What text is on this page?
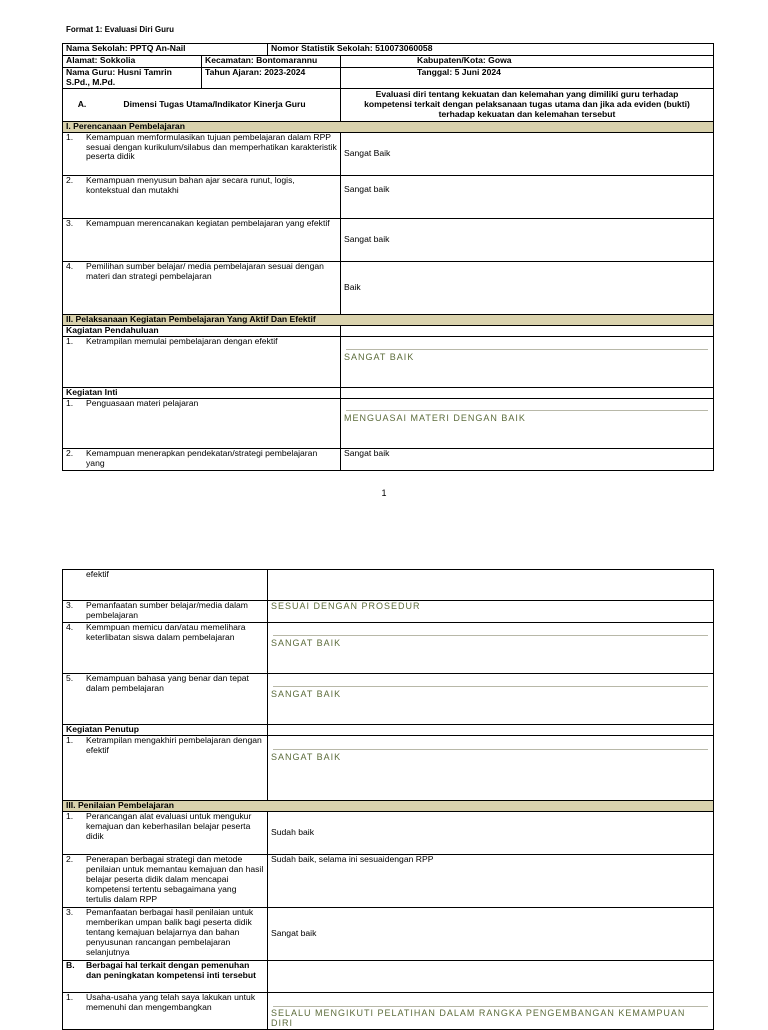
Format 1: Evaluasi Diri Guru
Nama Sekolah: PPTQ An-Nail		Nomor Statistik Sekolah: 510073060058	
Alamat: Sokkolia	Kecamatan: Bontomarannu		Kabupaten/Kota: Gowa
Nama Guru: Husni Tamrin S.Pd., M.Pd.	Tahun Ajaran: 2023-2024		Tanggal: 5 Juni 2024

A. Dimensi Tugas Utama/Indikator Kinerja Guru			Evaluasi diri tentang kekuatan dan kelemahan yang dimiliki guru terhadap kompetensi terkait dengan pelaksanaan tugas utama dan jika ada eviden (bukti) terhadap kekuatan dan kelemahan tersebut
I. Perencanaan Pembelajaran			

1. Kemampuan memformulasikan tujuan pembelajaran dalam RPP sesuai dengan kurikulum/silabus dan memperhatikan karakteristik peserta didik			Sangat Baik

2. Kemampuan menyusun bahan ajar secara runut, logis, kontekstual dan mutakhi			Sangat baik

3. Kemampuan merencanakan kegiatan pembelajaran yang efektif			Sangat baik

4. Pemilihan sumber belajar/ media pembelajaran sesuai dengan materi dan strategi pembelajaran			Baik
II. Pelaksanaan Kegiatan Pembelajaran Yang Aktif Dan Efektif			
Kagiatan Pendahuluan			

1. Ketrampilan memulai pembelajaran dengan efektif			SANGAT BAIK

Kegiatan Inti			

1. Penguasaan materi pelajaran			MENGUASAI MATERI DENGAN BAIK

2. Kemampuan menerapkan pendekatan/strategi pembelajaran yang			Sangat baik
1
efektif	

3. Pemanfaatan sumber belajar/media dalam pembelajaran	SESUAI DENGAN PROSEDUR

4. Kemmpuan memicu dan/atau memelihara keterlibatan siswa dalam pembelajaran	SANGAT BAIK

5. Kemampuan bahasa yang benar dan tepat dalam pembelajaran	SANGAT BAIK

Kegiatan Penutup	

1. Ketrampilan mengakhiri pembelajaran dengan efektif	SANGAT BAIK

III. Penilaian Pembelajaran	

1. Perancangan alat evaluasi untuk mengukur kemajuan dan keberhasilan belajar peserta didik	Sudah baik

2. Penerapan berbagai strategi dan metode penilaian untuk memantau kemajuan dan hasil belajar peserta didik dalam mencapai kompetensi tertentu sebagaimana yang tertulis dalam RPP	Sudah baik, selama ini sesuaidengan RPP

3. Pemanfaatan berbagai hasil penilaian untuk memberikan umpan balik bagi peserta didik tentang kemajuan belajarnya dan bahan penyusunan rancangan pembelajaran selanjutnya	Sangat baik

B. Berbagai hal terkait dengan pemenuhan dan peningkatan kompetensi inti tersebut	

1. Usaha-usaha yang telah saya lakukan untuk memenuhi dan mengembangkan	SELALU MENGIKUTI PELATIHAN DALAM RANGKA PENGEMBANGAN KEMAMPUAN DIRI
